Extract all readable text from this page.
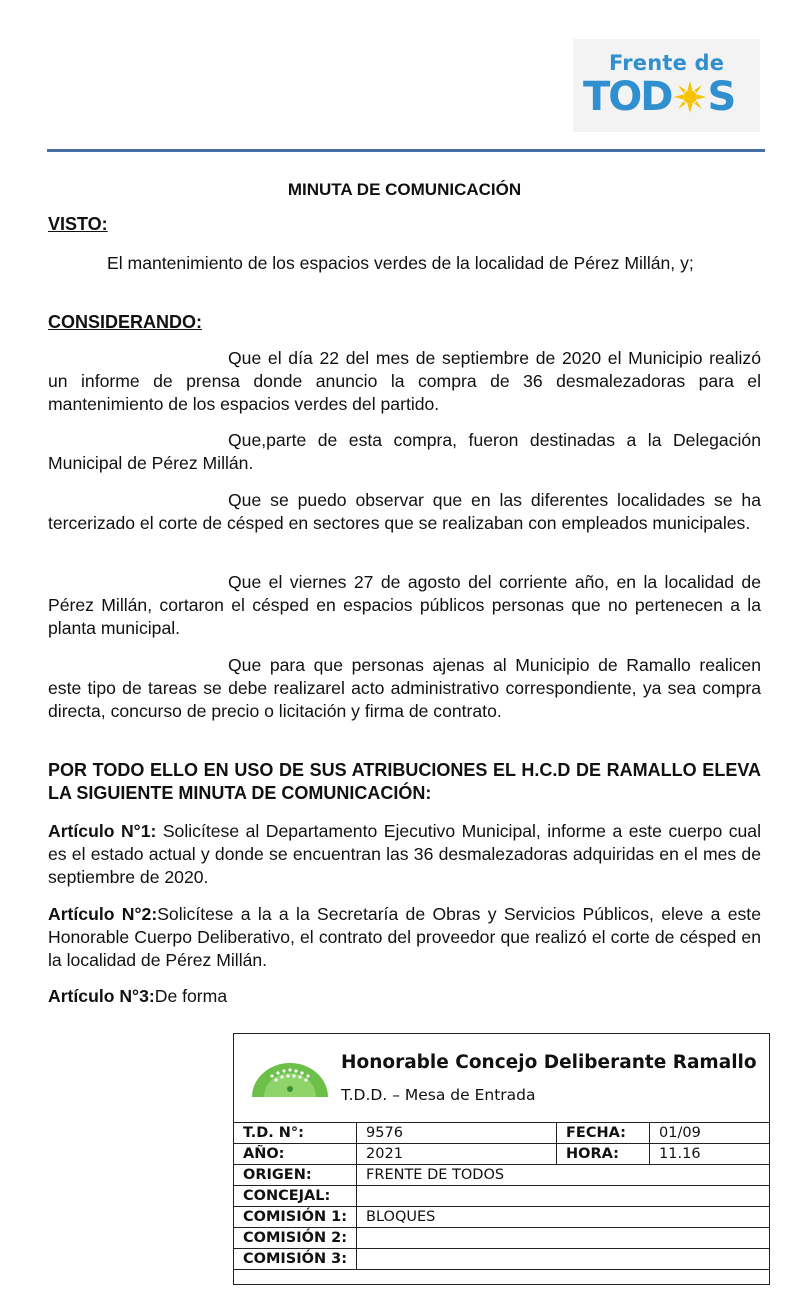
Frente de
TOD S
MINUTA DE COMUNICACIÓN
VISTO:
El mantenimiento de los espacios verdes de la localidad de Pérez Millán, y;
CONSIDERANDO:
Que el día 22 del mes de septiembre de 2020 el Municipio realizó un informe de prensa donde anuncio la compra de 36 desmalezadoras para el mantenimiento de los espacios verdes del partido.
Que,parte de esta compra, fueron destinadas a la Delegación Municipal de Pérez Millán.
Que se puedo observar que en las diferentes localidades se ha tercerizado el corte de césped en sectores que se realizaban con empleados municipales.
Que el viernes 27 de agosto del corriente año, en la localidad de Pérez Millán, cortaron el césped en espacios públicos personas que no pertenecen a la planta municipal.
Que para que personas ajenas al Municipio de Ramallo realicen este tipo de tareas se debe realizarel acto administrativo correspondiente, ya sea compra directa, concurso de precio o licitación y firma de contrato.
POR TODO ELLO EN USO DE SUS ATRIBUCIONES EL H.C.D DE RAMALLO ELEVA LA SIGUIENTE MINUTA DE COMUNICACIÓN:
Artículo N°1: Solicítese al Departamento Ejecutivo Municipal, informe a este cuerpo cual es el estado actual y donde se encuentran las 36 desmalezadoras adquiridas en el mes de septiembre de 2020.
Artículo N°2:Solicítese a la a la Secretaría de Obras y Servicios Públicos, eleve a este Honorable Cuerpo Deliberativo, el contrato del proveedor que realizó el corte de césped en la localidad de Pérez Millán.
Artículo N°3:De forma
Honorable Concejo Deliberante Ramallo
T.D.D. – Mesa de Entrada
T.D. N°:	9576	FECHA:	01/09
AÑO:	2021	HORA:	11.16
ORIGEN:	FRENTE DE TODOS		
CONCEJAL:			
COMISIÓN 1:	BLOQUES		
COMISIÓN 2:			
COMISIÓN 3:			
